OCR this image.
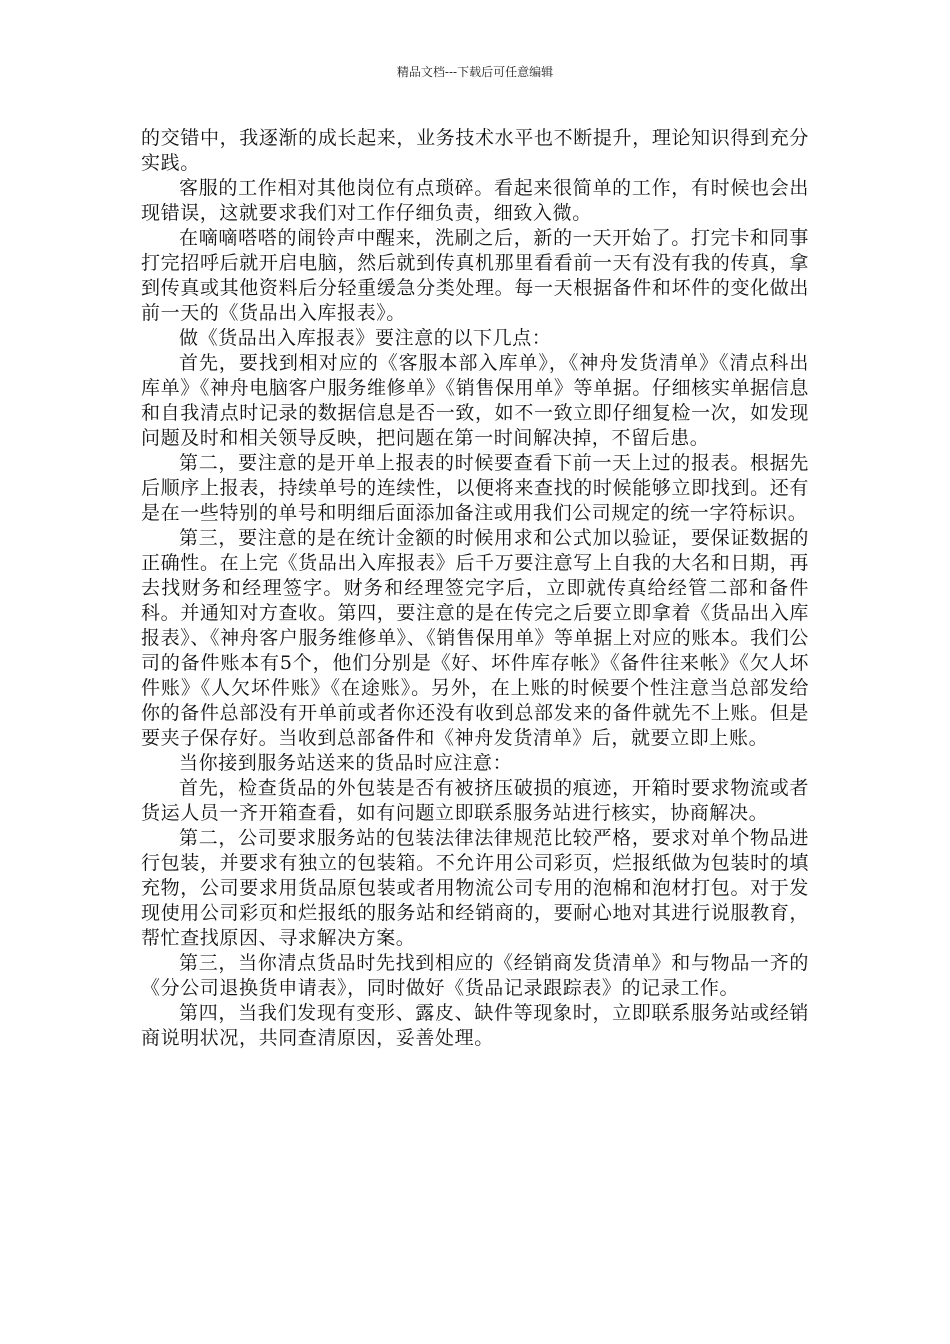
精品文档---下载后可任意编辑

的交错中，我逐渐的成长起来，业务技术水平也不断提升，理论知识得到充分实践。

客服的工作相对其他岗位有点琐碎。看起来很简单的工作，有时候也会出现错误，这就要求我们对工作仔细负责，细致入微。

在嘀嘀嗒嗒的闹铃声中醒来，洗刷之后，新的一天开始了。打完卡和同事打完招呼后就开启电脑，然后就到传真机那里看看前一天有没有我的传真，拿到传真或其他资料后分轻重缓急分类处理。每一天根据备件和坏件的变化做出前一天的《货品出入库报表》。

做《货品出入库报表》要注意的以下几点：

首先，要找到相对应的《客服本部入库单》，《神舟发货清单》《清点科出库单》《神舟电脑客户服务维修单》《销售保用单》等单据。仔细核实单据信息和自我清点时记录的数据信息是否一致，如不一致立即仔细复检一次，如发现问题及时和相关领导反映，把问题在第一时间解决掉，不留后患。

第二，要注意的是开单上报表的时候要查看下前一天上过的报表。根据先后顺序上报表，持续单号的连续性，以便将来查找的时候能够立即找到。还有是在一些特别的单号和明细后面添加备注或用我们公司规定的统一字符标识。

第三，要注意的是在统计金额的时候用求和公式加以验证，要保证数据的正确性。在上完《货品出入库报表》后千万要注意写上自我的大名和日期，再去找财务和经理签字。财务和经理签完字后，立即就传真给经管二部和备件科。并通知对方查收。第四，要注意的是在传完之后要立即拿着《货品出入库报表》、《神舟客户服务维修单》、《销售保用单》等单据上对应的账本。我们公司的备件账本有5个，他们分别是《好、坏件库存帐》《备件往来帐》《欠人坏件账》《人欠坏件账》《在途账》。另外，在上账的时候要个性注意当总部发给你的备件总部没有开单前或者你还没有收到总部发来的备件就先不上账。但是要夹子保存好。当收到总部备件和《神舟发货清单》后，就要立即上账。

当你接到服务站送来的货品时应注意：

首先，检查货品的外包装是否有被挤压破损的痕迹，开箱时要求物流或者货运人员一齐开箱查看，如有问题立即联系服务站进行核实，协商解决。

第二，公司要求服务站的包装法律法律规范比较严格，要求对单个物品进行包装，并要求有独立的包装箱。不允许用公司彩页，烂报纸做为包装时的填充物，公司要求用货品原包装或者用物流公司专用的泡棉和泡材打包。对于发现使用公司彩页和烂报纸的服务站和经销商的，要耐心地对其进行说服教育，帮忙查找原因、寻求解决方案。

第三，当你清点货品时先找到相应的《经销商发货清单》和与物品一齐的《分公司退换货申请表》，同时做好《货品记录跟踪表》的记录工作。

第四，当我们发现有变形、露皮、缺件等现象时，立即联系服务站或经销商说明状况，共同查清原因，妥善处理。
